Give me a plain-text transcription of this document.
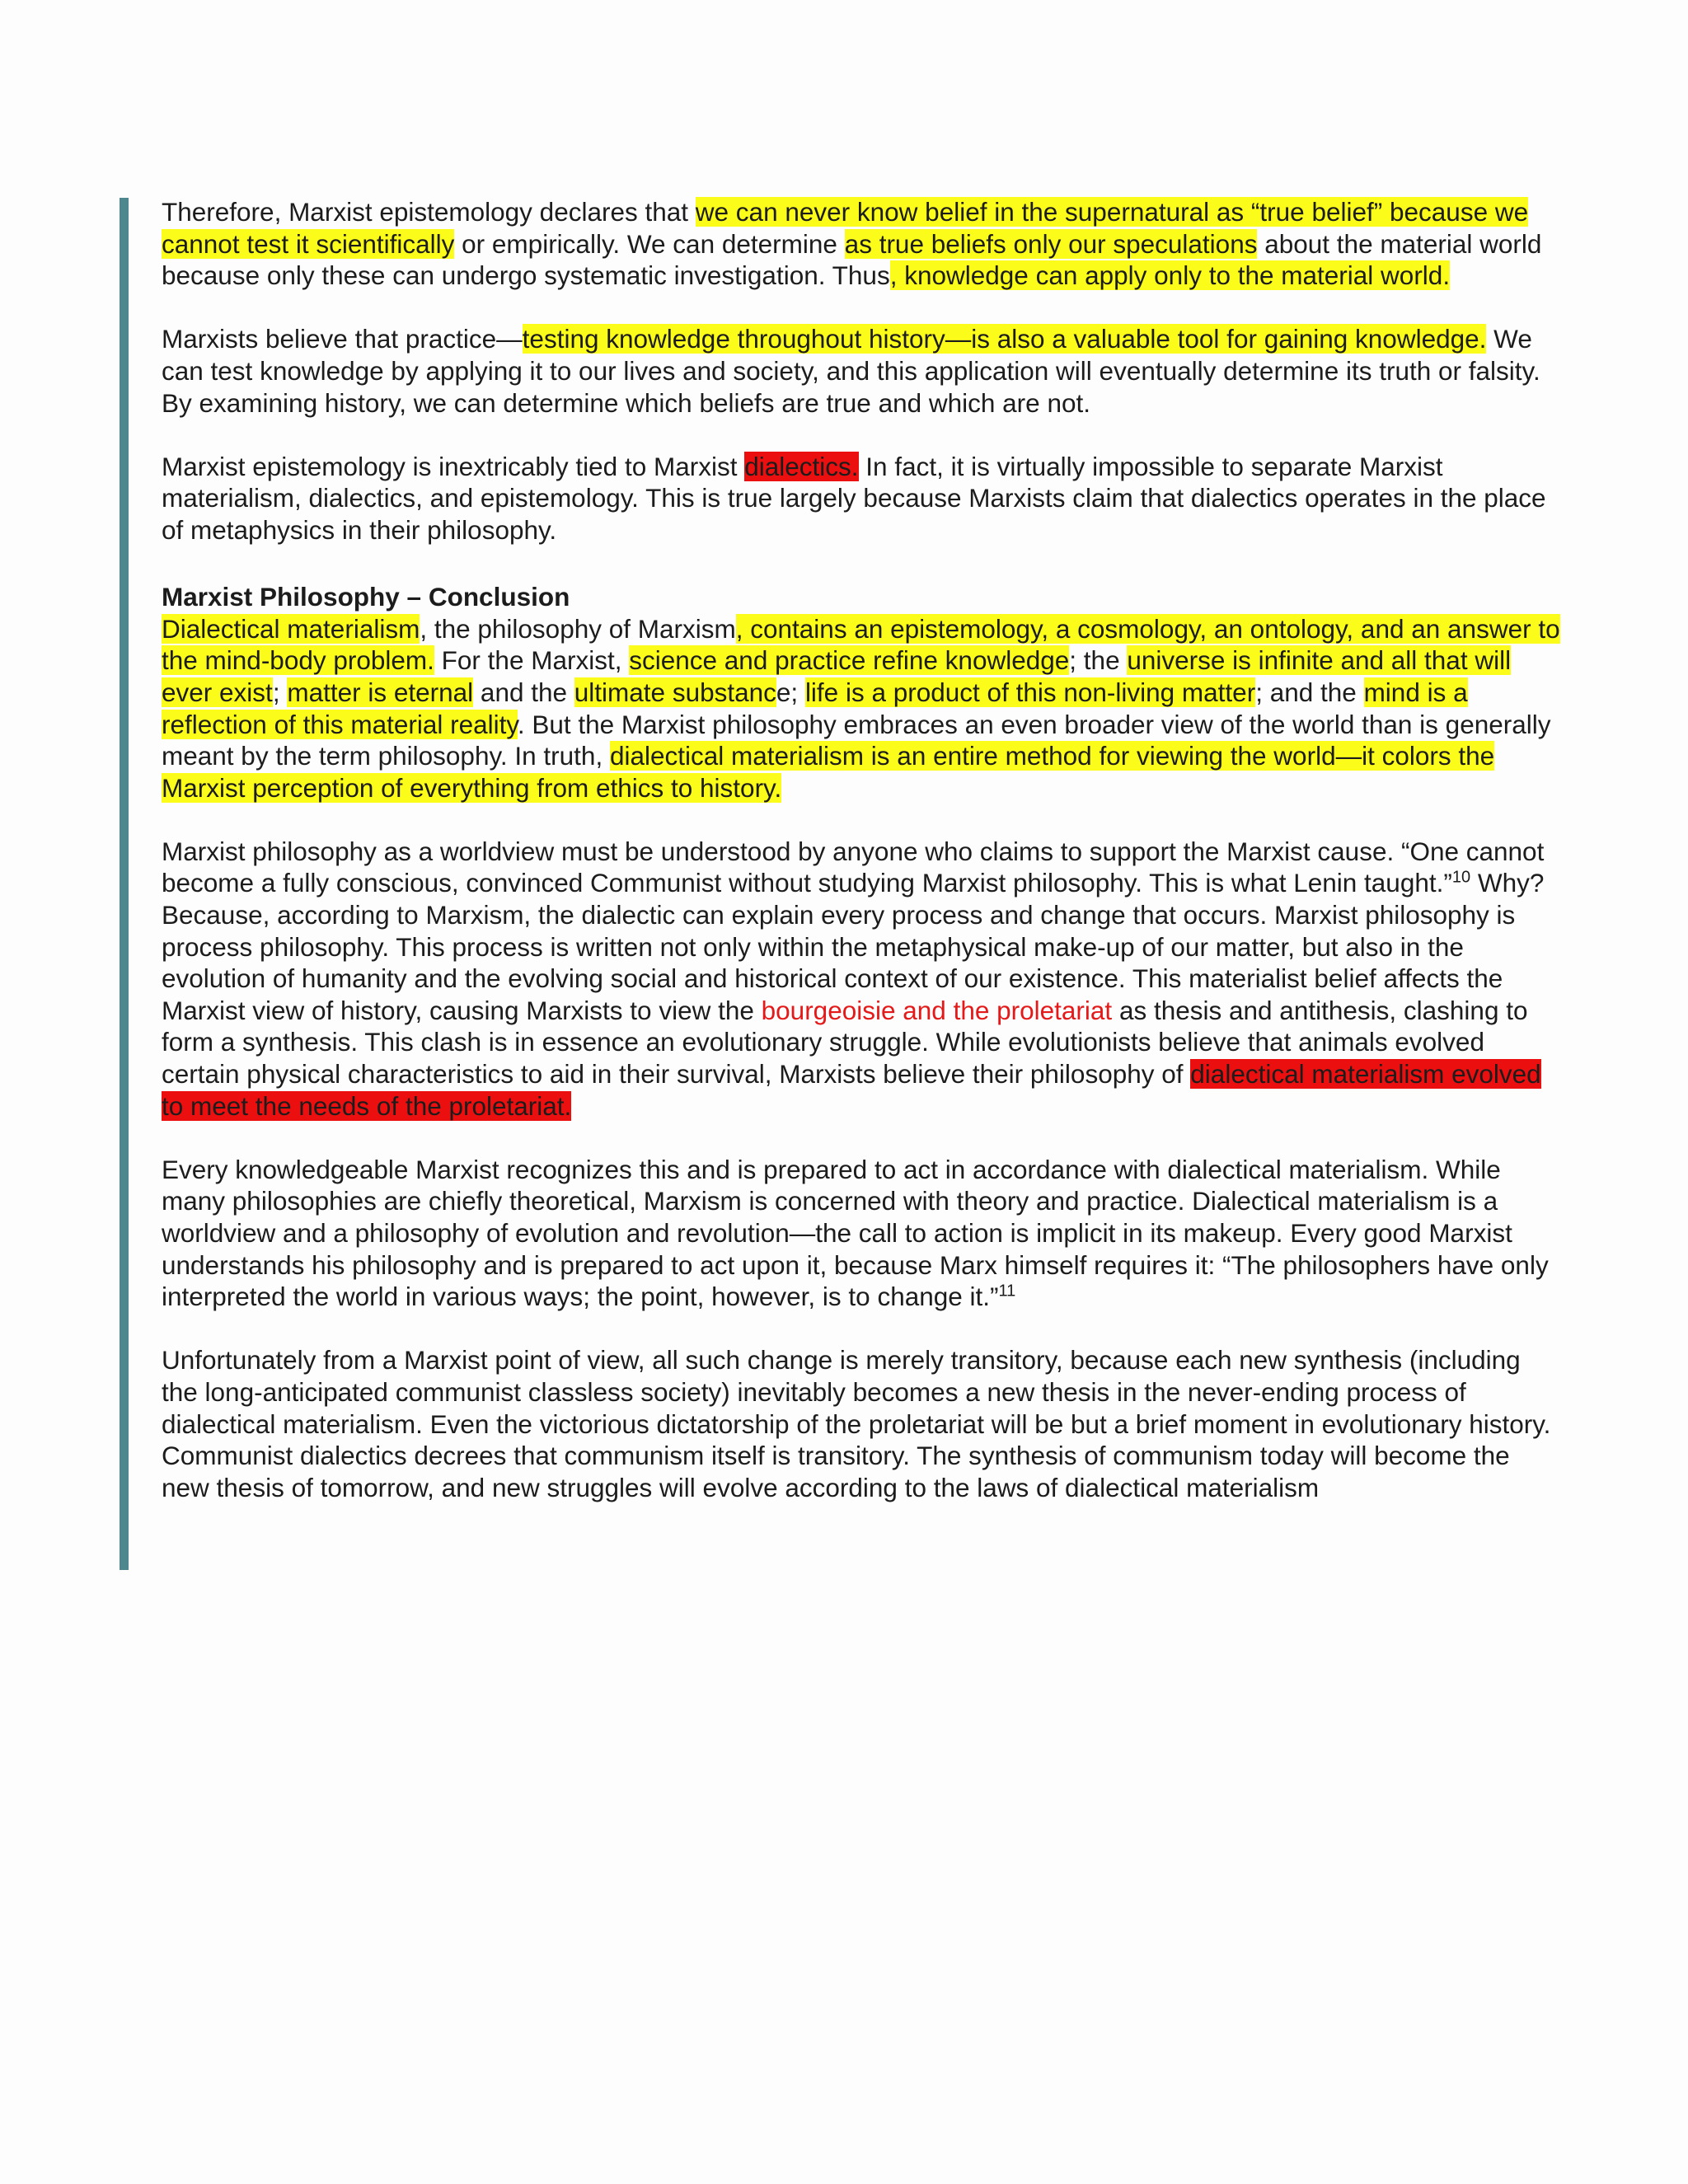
Therefore, Marxist epistemology declares that we can never know belief in the supernatural as “true belief” because we cannot test it scientifically or empirically. We can determine as true beliefs only our speculations about the material world because only these can undergo systematic investigation. Thus, knowledge can apply only to the material world.

Marxists believe that practice—testing knowledge throughout history—is also a valuable tool for gaining knowledge. We can test knowledge by applying it to our lives and society, and this application will eventually determine its truth or falsity. By examining history, we can determine which beliefs are true and which are not.

Marxist epistemology is inextricably tied to Marxist dialectics. In fact, it is virtually impossible to separate Marxist materialism, dialectics, and epistemology. This is true largely because Marxists claim that dialectics operates in the place of metaphysics in their philosophy.

Marxist Philosophy – Conclusion

Dialectical materialism, the philosophy of Marxism, contains an epistemology, a cosmology, an ontology, and an answer to the mind-body problem. For the Marxist, science and practice refine knowledge; the universe is infinite and all that will ever exist; matter is eternal and the ultimate substance; life is a product of this non-living matter; and the mind is a reflection of this material reality. But the Marxist philosophy embraces an even broader view of the world than is generally meant by the term philosophy. In truth, dialectical materialism is an entire method for viewing the world—it colors the Marxist perception of everything from ethics to history.

Marxist philosophy as a worldview must be understood by anyone who claims to support the Marxist cause. “One cannot become a fully conscious, convinced Communist without studying Marxist philosophy. This is what Lenin taught.”$^{10}$ Why? Because, according to Marxism, the dialectic can explain every process and change that occurs. Marxist philosophy is process philosophy. This process is written not only within the metaphysical make-up of our matter, but also in the evolution of humanity and the evolving social and historical context of our existence. This materialist belief affects the Marxist view of history, causing Marxists to view the bourgeoisie and the proletariat as thesis and antithesis, clashing to form a synthesis. This clash is in essence an evolutionary struggle. While evolutionists believe that animals evolved certain physical characteristics to aid in their survival, Marxists believe their philosophy of dialectical materialism evolved to meet the needs of the proletariat.

Every knowledgeable Marxist recognizes this and is prepared to act in accordance with dialectical materialism. While many philosophies are chiefly theoretical, Marxism is concerned with theory and practice. Dialectical materialism is a worldview and a philosophy of evolution and revolution—the call to action is implicit in its makeup. Every good Marxist understands his philosophy and is prepared to act upon it, because Marx himself requires it: “The philosophers have only interpreted the world in various ways; the point, however, is to change it.”$^{11}$

Unfortunately from a Marxist point of view, all such change is merely transitory, because each new synthesis (including the long-anticipated communist classless society) inevitably becomes a new thesis in the never-ending process of dialectical materialism. Even the victorious dictatorship of the proletariat will be but a brief moment in evolutionary history. Communist dialectics decrees that communism itself is transitory. The synthesis of communism today will become the new thesis of tomorrow, and new struggles will evolve according to the laws of dialectical materialism
